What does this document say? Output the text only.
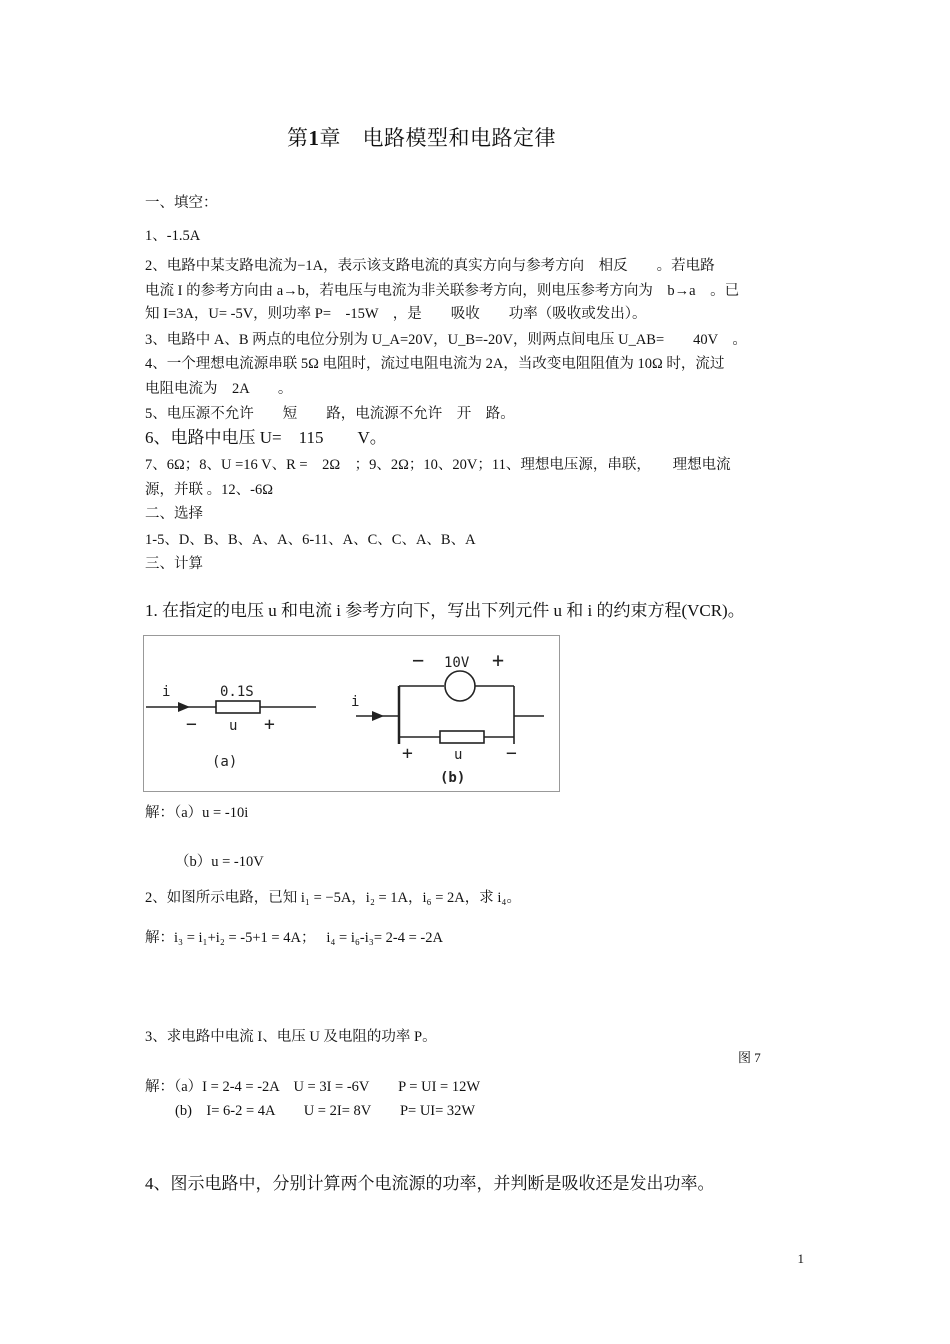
第1章　电路模型和电路定律
一、填空：
1、-1.5A
2、电路中某支路电流为−1A，表示该支路电流的真实方向与参考方向　相反　　。若电路
电流 I 的参考方向由 a→b，若电压与电流为非关联参考方向，则电压参考方向为　b→a　。已
知 I=3A，U= -5V，则功率 P=　-15W　，是　　吸收　　功率（吸收或发出）。
3、电路中 A、B 两点的电位分别为 U_A=20V，U_B=-20V，则两点间电压 U_AB=　　40V　。
4、一个理想电流源串联 5Ω 电阻时，流过电阻电流为 2A，当改变电阻阻值为 10Ω 时，流过
电阻电流为　2A　　。
5、电压源不允许　　短　　路，电流源不允许　开　路。
6、电路中电压 U=　115　　V。
7、6Ω；8、U =16 V、R =　2Ω　；9、2Ω；10、20V；11、理想电压源，串联，　　理想电流
源，并联 。12、-6Ω
二、选择
1-5、D、B、B、A、A、6-11、A、C、C、A、B、A
三、计算
1. 在指定的电压 u 和电流 i 参考方向下，写出下列元件 u 和 i 的约束方程(VCR)。
i	0.1S
− u +
(a)
− 10V +
i
+	u −
(b)
解：（a）u = -10i
（b）u = -10V
2、如图所示电路，已知 i₁ = −5A，i₂ = 1A，i₆ = 2A，求 i₄。
解：i₃ = i₁+i₂ = -5+1 = 4A；　 i₄ = i₆-i₃= 2-4 = -2A
3、求电路中电流 I、电压 U 及电阻的功率 P。
图 7
解：（a）I = 2-4 = -2A　U = 3I = -6V　　P = UI = 12W
(b)　I= 6-2 = 4A　　U = 2I= 8V　　P= UI= 32W
4、图示电路中，分别计算两个电流源的功率，并判断是吸收还是发出功率。
1
